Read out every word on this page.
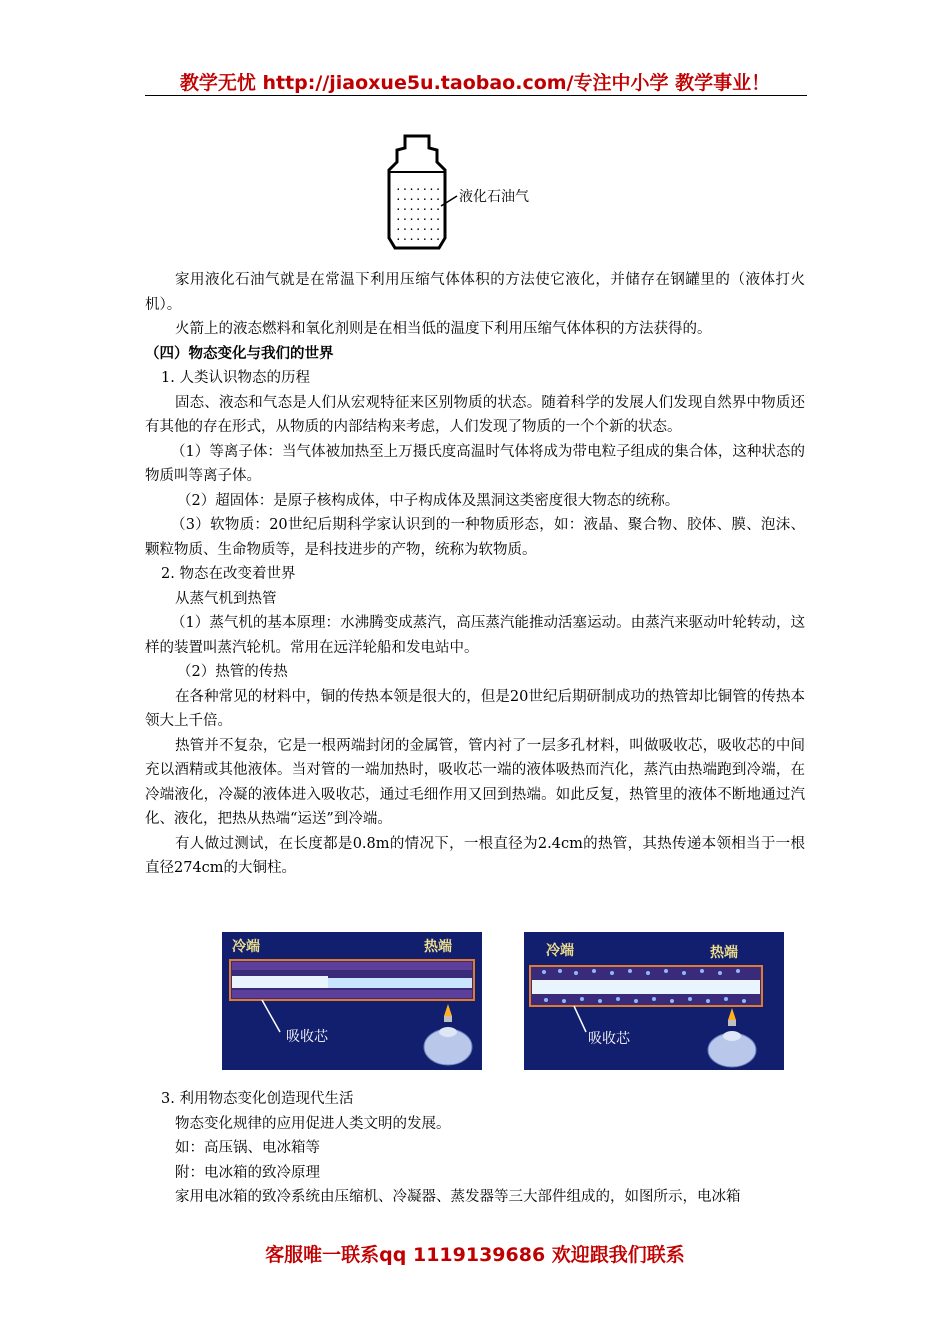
教学无忧 http://jiaoxue5u.taobao.com/专注中小学 教学事业！
.......
.......
.......
.......
.......
.......
液化石油气

家用液化石油气就是在常温下利用压缩气体体积的方法使它液化，并储存在钢罐里的（液体打火机）。

火箭上的液态燃料和氧化剂则是在相当低的温度下利用压缩气体体积的方法获得的。

（四）物态变化与我们的世界

1. 人类认识物态的历程

固态、液态和气态是人们从宏观特征来区别物质的状态。随着科学的发展人们发现自然界中物质还有其他的存在形式，从物质的内部结构来考虑，人们发现了物质的一个个新的状态。

（1）等离子体：当气体被加热至上万摄氏度高温时气体将成为带电粒子组成的集合体，这种状态的物质叫等离子体。

（2）超固体：是原子核构成体，中子构成体及黑洞这类密度很大物态的统称。

（3）软物质：20世纪后期科学家认识到的一种物质形态，如：液晶、聚合物、胶体、膜、泡沫、颗粒物质、生命物质等，是科技进步的产物，统称为软物质。

2. 物态在改变着世界

从蒸气机到热管

（1）蒸气机的基本原理：水沸腾变成蒸汽，高压蒸汽能推动活塞运动。由蒸汽来驱动叶轮转动，这样的装置叫蒸汽轮机。常用在远洋轮船和发电站中。

（2）热管的传热

在各种常见的材料中，铜的传热本领是很大的，但是20世纪后期研制成功的热管却比铜管的传热本领大上千倍。

热管并不复杂，它是一根两端封闭的金属管，管内衬了一层多孔材料，叫做吸收芯，吸收芯的中间充以酒精或其他液体。当对管的一端加热时，吸收芯一端的液体吸热而汽化，蒸汽由热端跑到冷端，在冷端液化，冷凝的液体进入吸收芯，通过毛细作用又回到热端。如此反复，热管里的液体不断地通过汽化、液化，把热从热端“运送”到冷端。

有人做过测试，在长度都是0.8m的情况下，一根直径为2.4cm的热管，其热传递本领相当于一根直径274cm的大铜柱。

冷端	热端
吸收芯
冷端	热端
吸收芯

3. 利用物态变化创造现代生活

物态变化规律的应用促进人类文明的发展。

如：高压锅、电冰箱等

附：电冰箱的致冷原理

家用电冰箱的致冷系统由压缩机、冷凝器、蒸发器等三大部件组成的，如图所示，电冰箱

客服唯一联系qq 1119139686 欢迎跟我们联系
